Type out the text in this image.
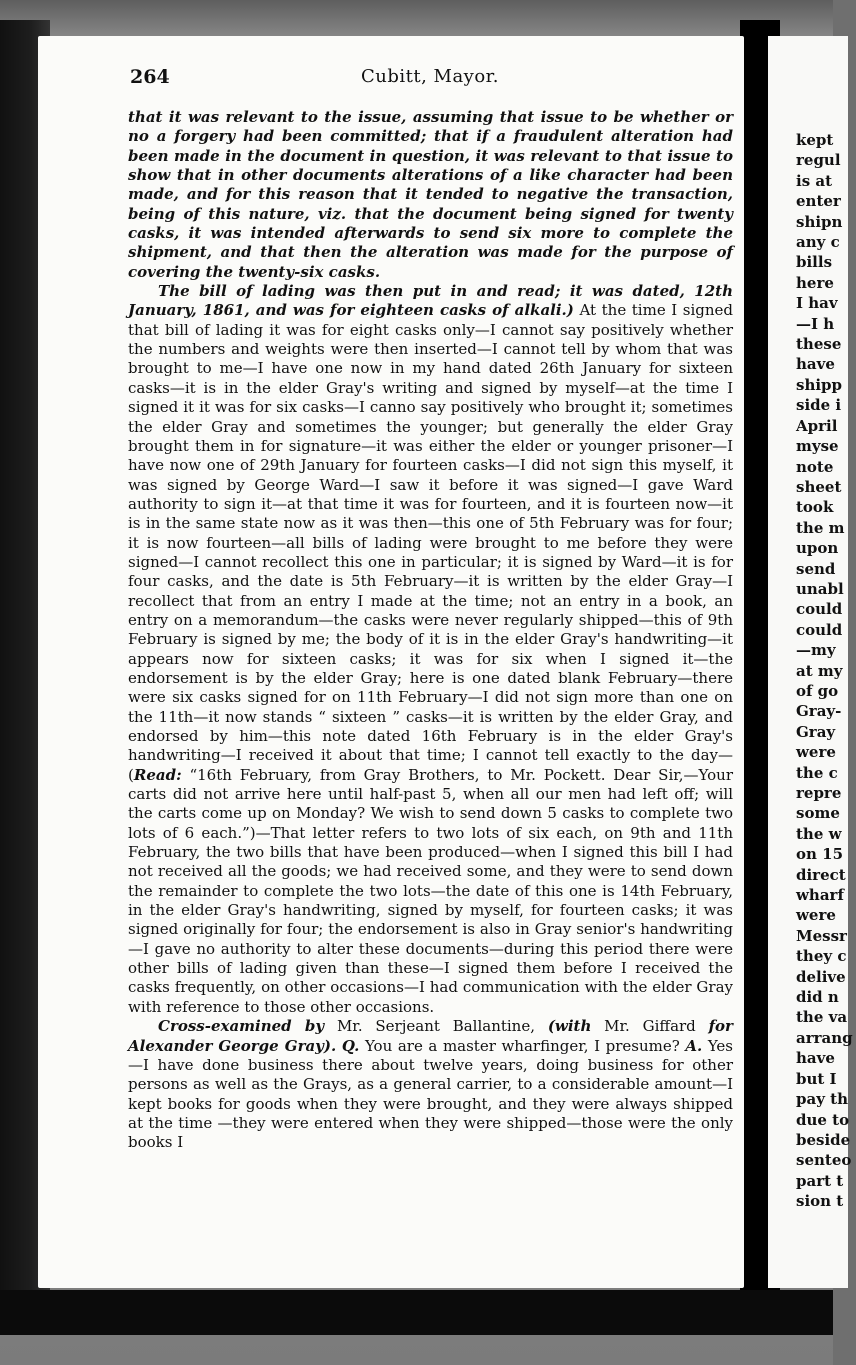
264	Cubitt, Mayor.

that it was relevant to the issue, assuming that issue to be whether or no a forgery had been committed; that if a fraudulent alteration had been made in the document in question, it was relevant to that issue to show that in other documents alterations of a like character had been made, and for this reason that it tended to negative the transaction, being of this nature, viz. that the document being signed for twenty casks, it was intended afterwards to send six more to complete the shipment, and that then the alteration was made for the purpose of covering the twenty-six casks.

The bill of lading was then put in and read; it was dated, 12th January, 1861, and was for eighteen casks of alkali.) At the time I signed that bill of lading it was for eight casks only—I cannot say positively whether the numbers and weights were then inserted—I cannot tell by whom that was brought to me—I have one now in my hand dated 26th January for sixteen casks—it is in the elder Gray's writing and signed by myself—at the time I signed it it was for six casks—I canno say positively who brought it; sometimes the elder Gray and sometimes the younger; but generally the elder Gray brought them in for signature—it was either the elder or younger prisoner—I have now one of 29th January for fourteen casks—I did not sign this myself, it was signed by George Ward—I saw it before it was signed—I gave Ward authority to sign it—at that time it was for fourteen, and it is fourteen now—it is in the same state now as it was then—this one of 5th February was for four; it is now fourteen—all bills of lading were brought to me before they were signed—I cannot recollect this one in particular; it is signed by Ward—it is for four casks, and the date is 5th February—it is written by the elder Gray—I recollect that from an entry I made at the time; not an entry in a book, an entry on a memorandum—the casks were never regularly shipped—this of 9th February is signed by me; the body of it is in the elder Gray's handwriting—it appears now for sixteen casks; it was for six when I signed it—the endorsement is by the elder Gray; here is one dated blank February—there were six casks signed for on 11th February—I did not sign more than one on the 11th—it now stands “ sixteen ” casks—it is written by the elder Gray, and endorsed by him—this note dated 16th February is in the elder Gray's handwriting—I received it about that time; I cannot tell exactly to the day—(Read: “16th February, from Gray Brothers, to Mr. Pockett. Dear Sir,—Your carts did not arrive here until half-past 5, when all our men had left off; will the carts come up on Monday? We wish to send down 5 casks to complete two lots of 6 each.”)—That letter refers to two lots of six each, on 9th and 11th February, the two bills that have been produced—when I signed this bill I had not received all the goods; we had received some, and they were to send down the remainder to complete the two lots—the date of this one is 14th February, in the elder Gray's handwriting, signed by myself, for fourteen casks; it was signed originally for four; the endorsement is also in Gray senior's handwriting—I gave no authority to alter these documents—during this period there were other bills of lading given than these—I signed them before I received the casks frequently, on other occasions—I had communication with the elder Gray with reference to those other occasions.

Cross-examined by Mr. Serjeant Ballantine, (with Mr. Giffard for Alexander George Gray). Q. You are a master wharfinger, I presume? A. Yes—I have done business there about twelve years, doing business for other persons as well as the Grays, as a general carrier, to a considerable amount—I kept books for goods when they were brought, and they were always shipped at the time —they were entered when they were shipped—those were the only books I

kept
regul
is at
enter
shipn
any c
bills
here
I hav
—I h
these
have
shipp
side i
April
myse
note
sheet
took
the m
upon
send
unabl
could
could
—my
at my
of go
Gray-
Gray
were
the c
repre
some
the w
on 15
direct
wharf
were
Messr
they c
delive
did n
the va
arrang
have
but I
pay th
due to
beside
senteo
part t
sion t
